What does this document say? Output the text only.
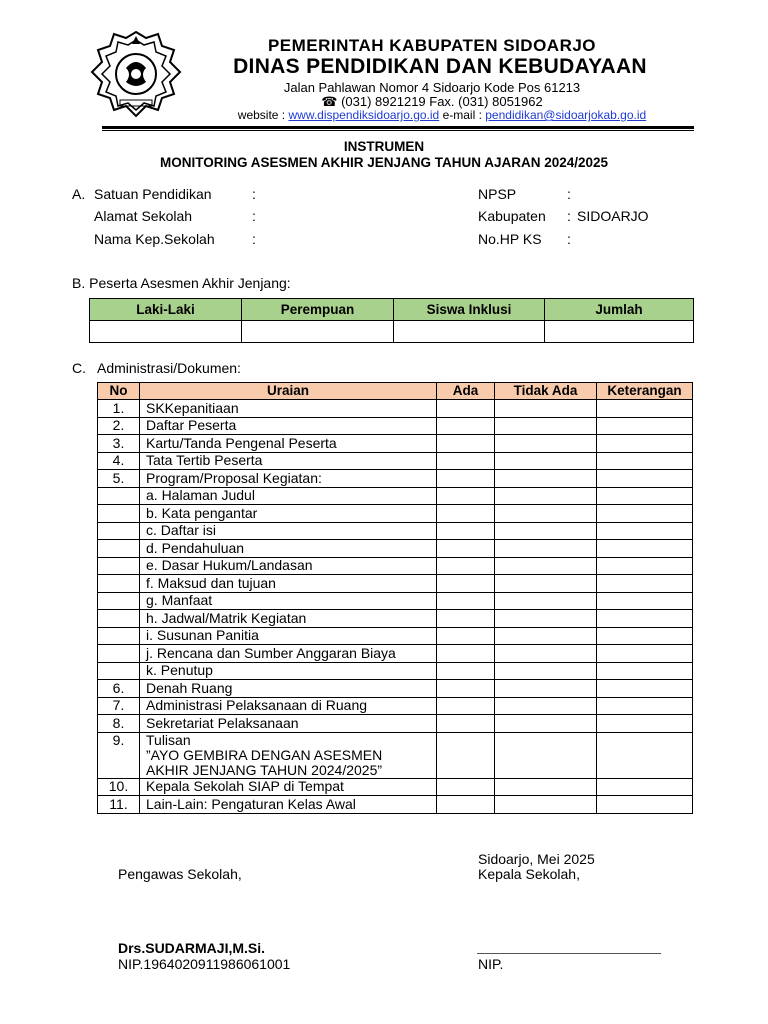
PEMERINTAH KABUPATEN SIDOARJO
DINAS PENDIDIKAN DAN KEBUDAYAAN
Jalan Pahlawan Nomor 4 Sidoarjo Kode Pos 61213
☎ (031) 8921219 Fax. (031) 8051962
website : www.dispendiksidoarjo.go.id e-mail : pendidikan@sidoarjokab.go.id
INSTRUMEN
MONITORING ASESMEN AKHIR JENJANG TAHUN AJARAN 2024/2025
A. Satuan Pendidikan	:
Alamat Sekolah	:
Nama Kep.Sekolah	:
NPSP	:
Kabupaten : SIDOARJO
No.HP KS :
B. Peserta Asesmen Akhir Jenjang:
Laki-Laki	Perempuan	Siswa Inklusi	Jumlah

C. Administrasi/Dokumen:
No	Uraian	Ada	Tidak Ada	Keterangan
1.	SKKepanitiaan			
2.	Daftar Peserta			
3.	Kartu/Tanda Pengenal Peserta			
4.	Tata Tertib Peserta			
5.	Program/Proposal Kegiatan:			
	a. Halaman Judul			
	b. Kata pengantar			
	c. Daftar isi			
	d. Pendahuluan			
	e. Dasar Hukum/Landasan			
	f. Maksud dan tujuan			
	g. Manfaat			
	h. Jadwal/Matrik Kegiatan			
	i. Susunan Panitia			
	j. Rencana dan Sumber Anggaran Biaya			
	k. Penutup			
6.	Denah Ruang			
7.	Administrasi Pelaksanaan di Ruang			
8.	Sekretariat Pelaksanaan			
9.	Tulisan
”AYO GEMBIRA DENGAN ASESMEN
AKHIR JENJANG TAHUN 2024/2025”			

10.	Kepala Sekolah SIAP di Tempat			
11.	Lain-Lain: Pengaturan Kelas Awal			
Sidoarjo, Mei 2025
Pengawas Sekolah,	Kepala Sekolah,
Drs.SUDARMAJI,M.Si.
NIP.196402091198606100​1	NIP.
